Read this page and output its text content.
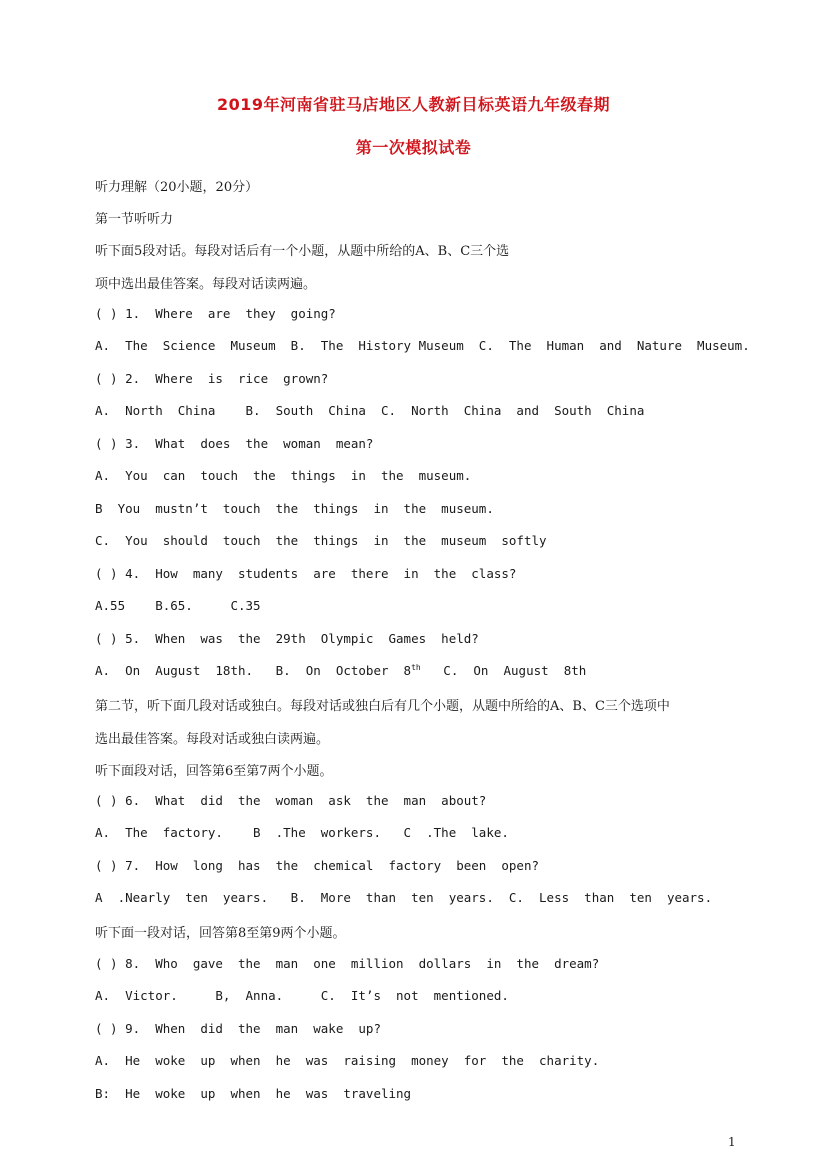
2019年河南省驻马店地区人教新目标英语九年级春期
第一次模拟试卷
听力理解（20小题，20分）
第一节听听力
听下面5段对话。每段对话后有一个小题，从题中所给的A、B、C三个选
项中选出最佳答案。每段对话读两遍。
( ) 1.  Where  are  they  going?
A.  The  Science  Museum  B.  The  History Museum  C.  The  Human  and  Nature  Museum.
( ) 2.  Where  is  rice  grown?
A.  North  China    B.  South  China  C.  North  China  and  South  China
( ) 3.  What  does  the  woman  mean?
A.  You  can  touch  the  things  in  the  museum.
B  You  mustn’t  touch  the  things  in  the  museum.
C.  You  should  touch  the  things  in  the  museum  softly
( ) 4.  How  many  students  are  there  in  the  class?
A.55    B.65.     C.35
( ) 5.  When  was  the  29th  Olympic  Games  held?
A.  On  August  18th.   B.  On  October  8th   C.  On  August  8th
第二节，听下面几段对话或独白。每段对话或独白后有几个小题，从题中所给的A、B、C三个选项中
选出最佳答案。每段对话或独白读两遍。
听下面段对话，回答第6至第7两个小题。
( ) 6.  What  did  the  woman  ask  the  man  about?
A.  The  factory.    B  .The  workers.   C  .The  lake.
( ) 7.  How  long  has  the  chemical  factory  been  open?
A  .Nearly  ten  years.   B.  More  than  ten  years.  C.  Less  than  ten  years.
听下面一段对话，回答第8至第9两个小题。
( ) 8.  Who  gave  the  man  one  million  dollars  in  the  dream?
A.  Victor.     B,  Anna.     C.  It’s  not  mentioned.
( ) 9.  When  did  the  man  wake  up?
A.  He  woke  up  when  he  was  raising  money  for  the  charity.
B:  He  woke  up  when  he  was  traveling
1
